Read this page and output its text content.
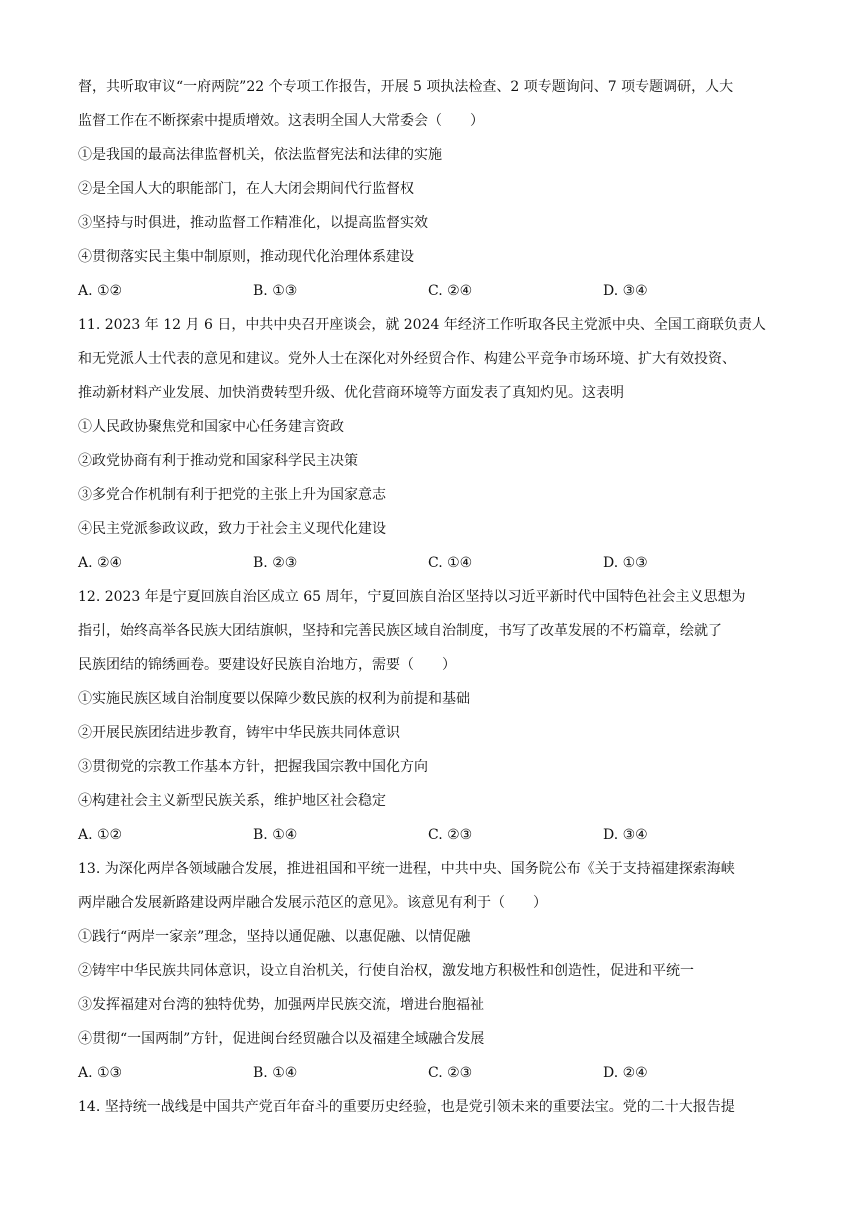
督，共听取审议“一府两院”22 个专项工作报告，开展 5 项执法检查、2 项专题询问、7 项专题调研，人大
监督工作在不断探索中提质增效。这表明全国人大常委会（　　）
①是我国的最高法律监督机关，依法监督宪法和法律的实施
②是全国人大的职能部门，在人大闭会期间代行监督权
③坚持与时俱进，推动监督工作精准化，以提高监督实效
④贯彻落实民主集中制原则，推动现代化治理体系建设
A. ①②	B. ①③	C. ②④	D. ③④
11. 2023 年 12 月 6 日，中共中央召开座谈会，就 2024 年经济工作听取各民主党派中央、全国工商联负责人
和无党派人士代表的意见和建议。党外人士在深化对外经贸合作、构建公平竞争市场环境、扩大有效投资、
推动新材料产业发展、加快消费转型升级、优化营商环境等方面发表了真知灼见。这表明
①人民政协聚焦党和国家中心任务建言资政
②政党协商有利于推动党和国家科学民主决策
③多党合作机制有利于把党的主张上升为国家意志
④民主党派参政议政，致力于社会主义现代化建设
A. ②④	B. ②③	C. ①④	D. ①③
12. 2023 年是宁夏回族自治区成立 65 周年，宁夏回族自治区坚持以习近平新时代中国特色社会主义思想为
指引，始终高举各民族大团结旗帜，坚持和完善民族区域自治制度，书写了改革发展的不朽篇章，绘就了
民族团结的锦绣画卷。要建设好民族自治地方，需要（　　）
①实施民族区域自治制度要以保障少数民族的权利为前提和基础
②开展民族团结进步教育，铸牢中华民族共同体意识
③贯彻党的宗教工作基本方针，把握我国宗教中国化方向
④构建社会主义新型民族关系，维护地区社会稳定
A. ①②	B. ①④	C. ②③	D. ③④
13. 为深化两岸各领域融合发展，推进祖国和平统一进程，中共中央、国务院公布《关于支持福建探索海峡
两岸融合发展新路建设两岸融合发展示范区的意见》。该意见有利于（　　）
①践行“两岸一家亲”理念，坚持以通促融、以惠促融、以情促融
②铸牢中华民族共同体意识，设立自治机关，行使自治权，激发地方积极性和创造性，促进和平统一
③发挥福建对台湾的独特优势，加强两岸民族交流，增进台胞福祉
④贯彻“一国两制”方针，促进闽台经贸融合以及福建全域融合发展
A. ①③	B. ①④	C. ②③	D. ②④
14. 坚持统一战线是中国共产党百年奋斗的重要历史经验，也是党引领未来的重要法宝。党的二十大报告提
